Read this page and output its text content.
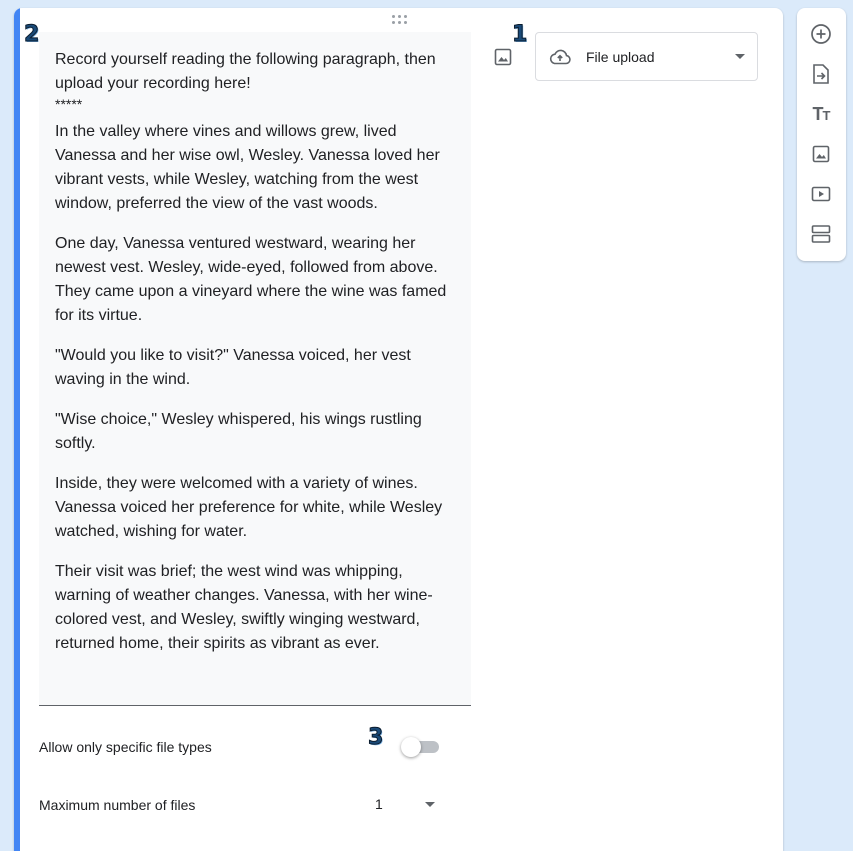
Record yourself reading the following paragraph, then upload your recording here!
*****

In the valley where vines and willows grew, lived Vanessa and her wise owl, Wesley. Vanessa loved her vibrant vests, while Wesley, watching from the west window, preferred the view of the vast woods.

One day, Vanessa ventured westward, wearing her newest vest. Wesley, wide-eyed, followed from above. They came upon a vineyard where the wine was famed for its virtue.

"Would you like to visit?" Vanessa voiced, her vest waving in the wind.

"Wise choice," Wesley whispered, his wings rustling softly.

Inside, they were welcomed with a variety of wines. Vanessa voiced her preference for white, while Wesley watched, wishing for water.

Their visit was brief; the west wind was whipping, warning of weather changes. Vanessa, with her wine-colored vest, and Wesley, swiftly winging westward, returned home, their spirits as vibrant as ever.

File upload
Allow only specific file types
Maximum number of files	1
2	1
3
TT
